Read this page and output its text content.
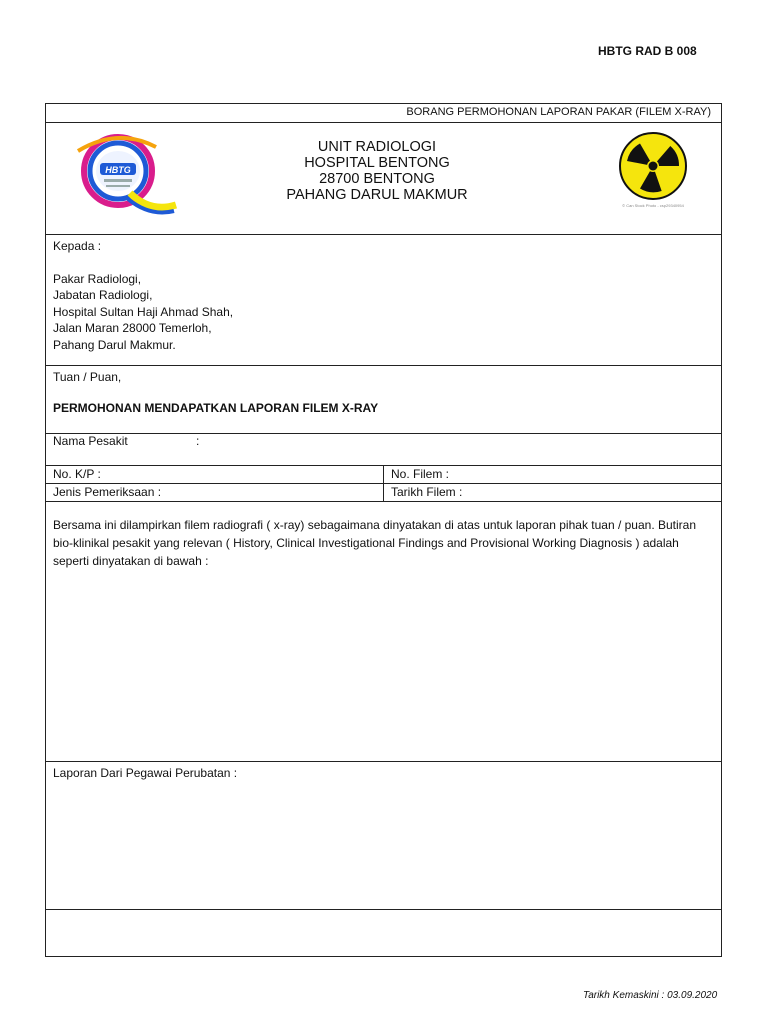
HBTG RAD B 008
BORANG PERMOHONAN LAPORAN PAKAR (FILEM X-RAY)
HBTG
UNIT RADIOLOGI
HOSPITAL BENTONG
28700 BENTONG
PAHANG DARUL MAKMUR
© Can Stock Photo - csp29340954
Kepada :
Pakar Radiologi,
Jabatan Radiologi,
Hospital Sultan Haji Ahmad Shah,
Jalan Maran 28000 Temerloh,
Pahang Darul Makmur.
Tuan / Puan,
PERMOHONAN MENDAPATKAN LAPORAN FILEM X-RAY
Nama Pesakit	:
No. K/P :	No. Filem :
Jenis Pemeriksaan :	Tarikh Filem :
Bersama ini dilampirkan filem radiografi ( x-ray) sebagaimana dinyatakan di atas untuk laporan pihak tuan / puan. Butiran bio-klinikal pesakit yang relevan ( History, Clinical Investigational Findings and Provisional Working Diagnosis ) adalah seperti dinyatakan di bawah :
Laporan Dari Pegawai Perubatan :
Tarikh Kemaskini : 03.09.2020
